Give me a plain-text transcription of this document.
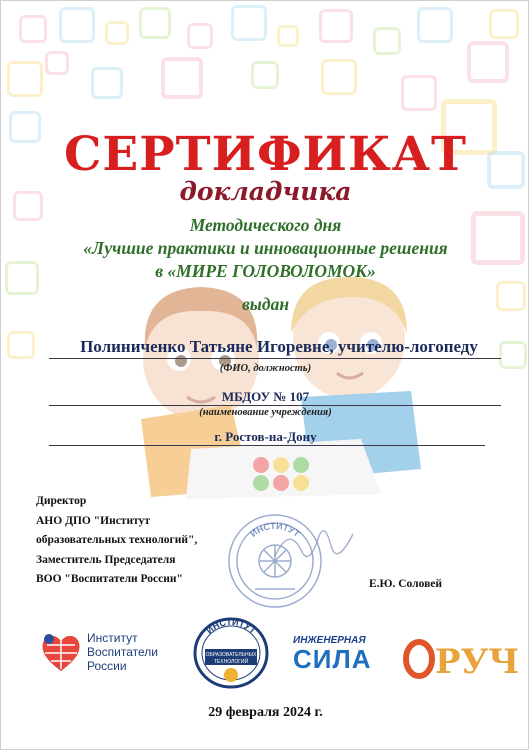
СЕРТИФИКАТ
докладчика
Методического дня
«Лучшие практики и инновационные решения
в «МИРЕ ГОЛОВОЛОМОК»
выдан
Полиниченко Татьяне Игоревне, учителю-логопеду
(ФИО, должность)
МБДОУ № 107
(наименование учреждения)
г. Ростов-на-Дону
Директор
АНО ДПО "Институт
образовательных технологий",
Заместитель Председателя
ВОО "Воспитатели России"
ИНСТИТУТ
Е.Ю. Соловей
Институт
Воспитатели
России
ИНСТИТУТ
ОБРАЗОВАТЕЛЬНЫХ
ТЕХНОЛОГИЙ
ИНЖЕНЕРНАЯ
СИЛА РУЧ
29 февраля 2024 г.
